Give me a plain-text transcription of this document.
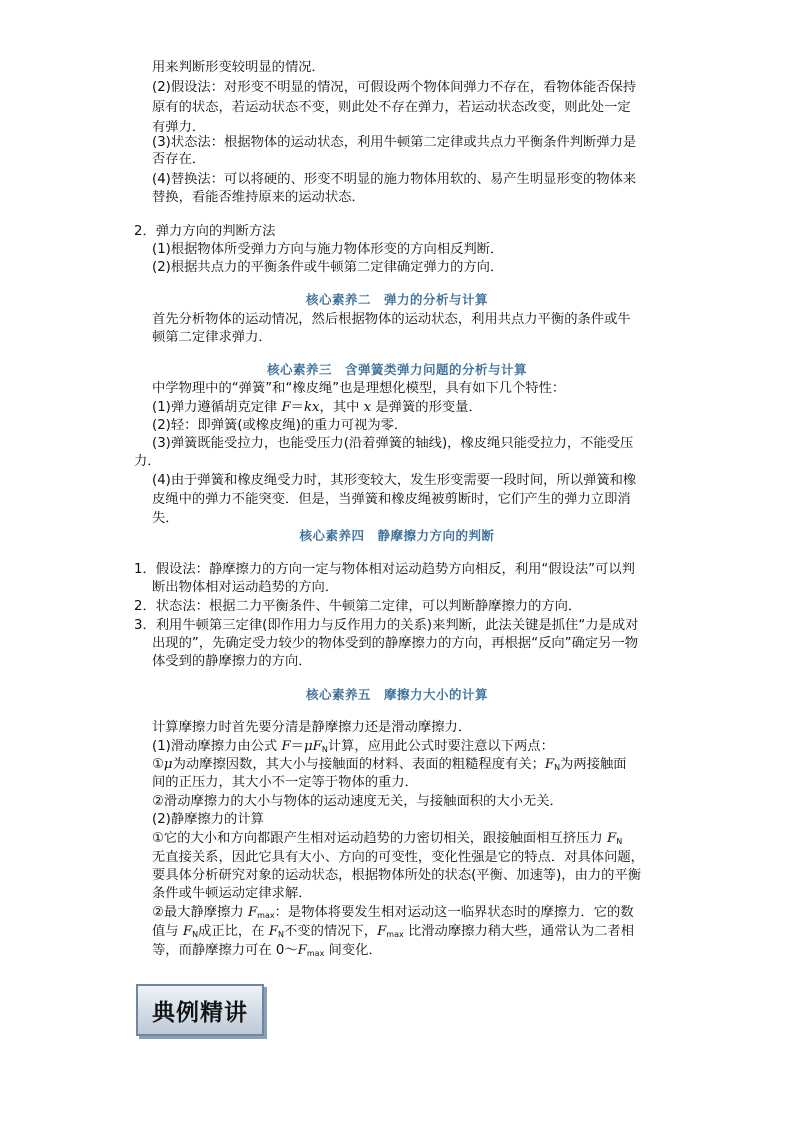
用来判断形变较明显的情况．
(2)假设法：对形变不明显的情况，可假设两个物体间弹力不存在，看物体能否保持
原有的状态，若运动状态不变，则此处不存在弹力，若运动状态改变，则此处一定
有弹力．
(3)状态法：根据物体的运动状态，利用牛顿第二定律或共点力平衡条件判断弹力是
否存在．
(4)替换法：可以将硬的、形变不明显的施力物体用软的、易产生明显形变的物体来
替换，看能否维持原来的运动状态．
2．弹力方向的判断方法
(1)根据物体所受弹力方向与施力物体形变的方向相反判断．
(2)根据共点力的平衡条件或牛顿第二定律确定弹力的方向．
核心素养二　弹力的分析与计算
首先分析物体的运动情况，然后根据物体的运动状态，利用共点力平衡的条件或牛
顿第二定律求弹力．
核心素养三　含弹簧类弹力问题的分析与计算
中学物理中的“弹簧”和“橡皮绳”也是理想化模型，具有如下几个特性：
(1)弹力遵循胡克定律 F＝kx，其中 x 是弹簧的形变量．
(2)轻：即弹簧(或橡皮绳)的重力可视为零．
(3)弹簧既能受拉力，也能受压力(沿着弹簧的轴线)，橡皮绳只能受拉力，不能受压
力．
(4)由于弹簧和橡皮绳受力时，其形变较大，发生形变需要一段时间，所以弹簧和橡
皮绳中的弹力不能突变．但是，当弹簧和橡皮绳被剪断时，它们产生的弹力立即消
失．
核心素养四　静摩擦力方向的判断
1．假设法：静摩擦力的方向一定与物体相对运动趋势方向相反，利用“假设法”可以判
断出物体相对运动趋势的方向．
2．状态法：根据二力平衡条件、牛顿第二定律，可以判断静摩擦力的方向．
3．利用牛顿第三定律(即作用力与反作用力的关系)来判断，此法关键是抓住“力是成对
出现的”，先确定受力较少的物体受到的静摩擦力的方向，再根据“反向”确定另一物
体受到的静摩擦力的方向．
核心素养五　摩擦力大小的计算
计算摩擦力时首先要分清是静摩擦力还是滑动摩擦力．
(1)滑动摩擦力由公式 $F=\mu F_N$计算，应用此公式时要注意以下两点：
①μ为动摩擦因数，其大小与接触面的材料、表面的粗糙程度有关；$F_N$为两接触面
间的正压力，其大小不一定等于物体的重力．
②滑动摩擦力的大小与物体的运动速度无关，与接触面积的大小无关．
(2)静摩擦力的计算
①它的大小和方向都跟产生相对运动趋势的力密切相关，跟接触面相互挤压力 $F_N$
无直接关系，因此它具有大小、方向的可变性，变化性强是它的特点．对具体问题，
要具体分析研究对象的运动状态，根据物体所处的状态(平衡、加速等)，由力的平衡
条件或牛顿运动定律求解．
②最大静摩擦力 $F_{max}$：是物体将要发生相对运动这一临界状态时的摩擦力．它的数
值与 $F_N$成正比，在 $F_N$不变的情况下，$F_{max}$ 比滑动摩擦力稍大些，通常认为二者相
等，而静摩擦力可在 $0\sim F_{max}$ 间变化．
典例精讲
